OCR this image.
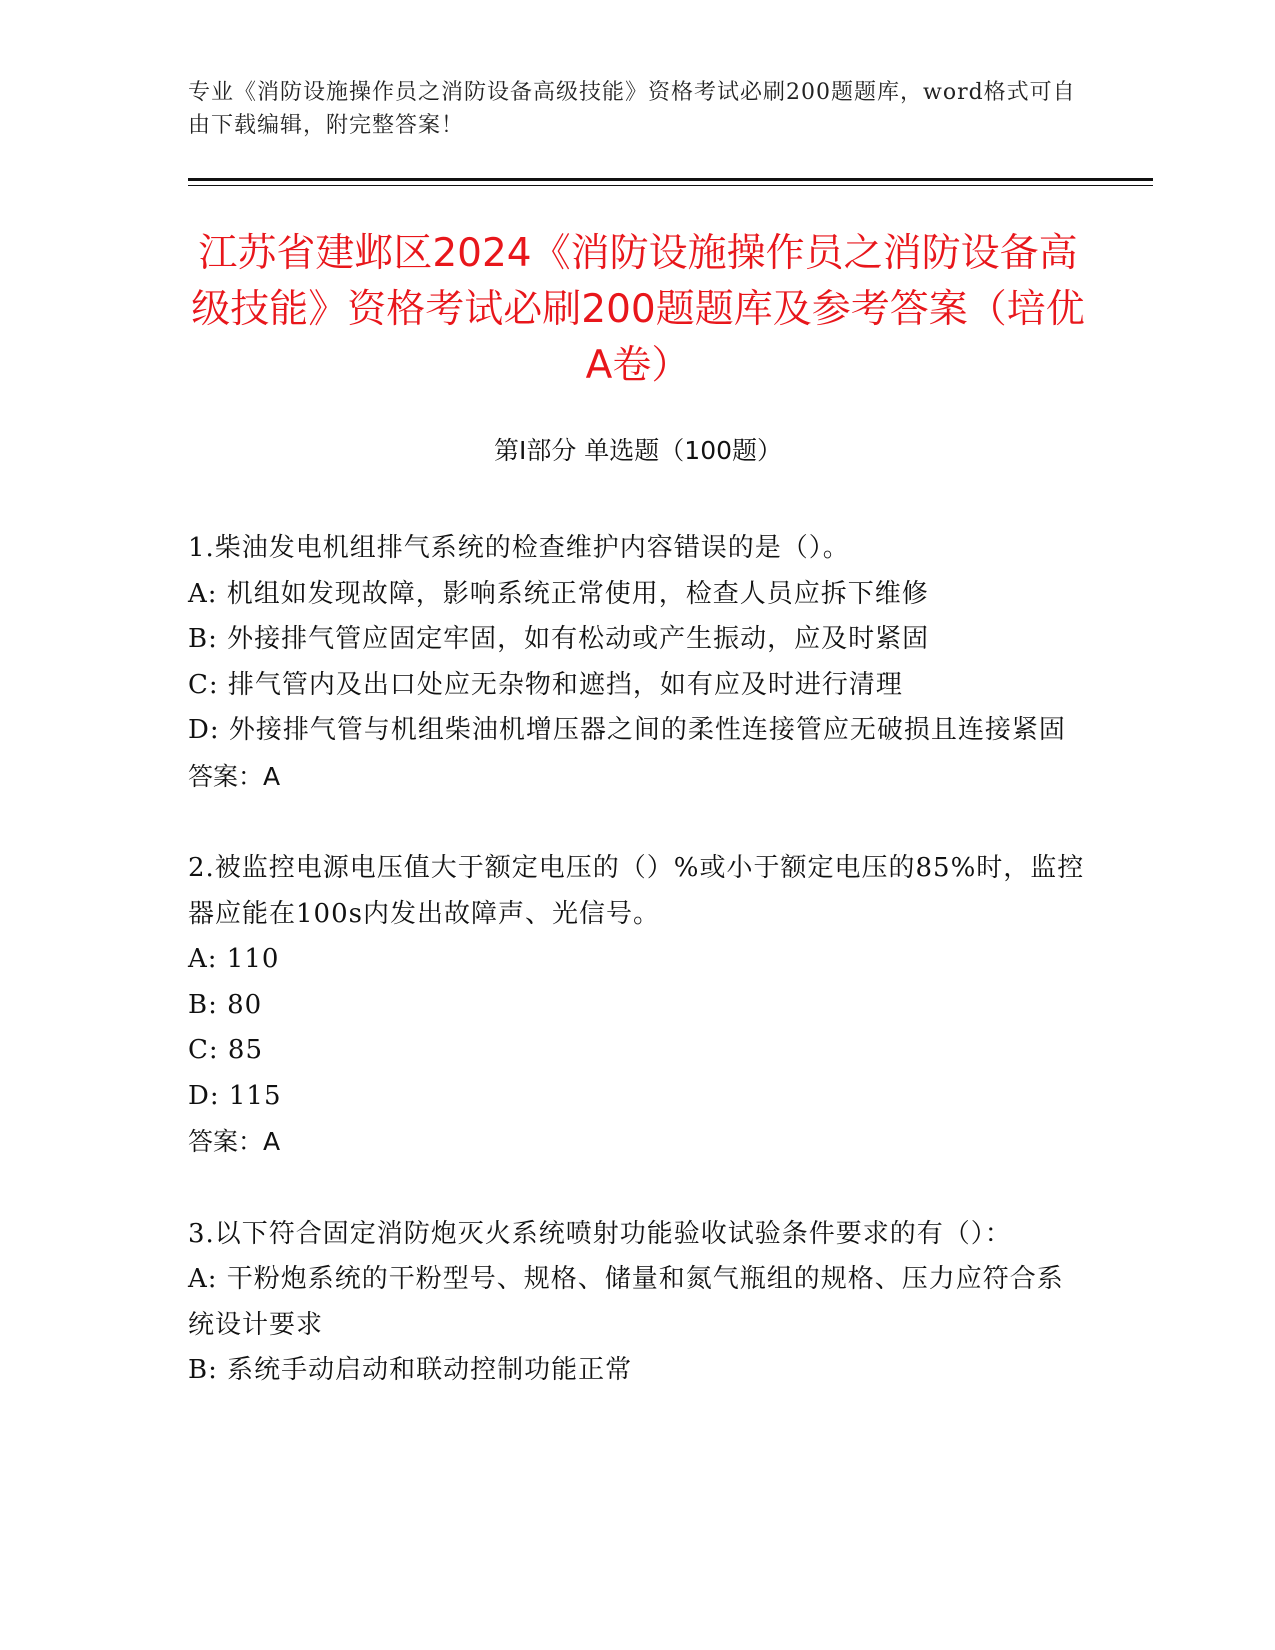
专业《消防设施操作员之消防设备高级技能》资格考试必刷200题题库，word格式可自由下载编辑，附完整答案！
江苏省建邺区2024《消防设施操作员之消防设备高级技能》资格考试必刷200题题库及参考答案（培优A卷）
第I部分 单选题（100题）
1.柴油发电机组排气系统的检查维护内容错误的是（）。
A: 机组如发现故障，影响系统正常使用，检查人员应拆下维修
B: 外接排气管应固定牢固，如有松动或产生振动，应及时紧固
C: 排气管内及出口处应无杂物和遮挡，如有应及时进行清理
D: 外接排气管与机组柴油机增压器之间的柔性连接管应无破损且连接紧固
答案：A
2.被监控电源电压值大于额定电压的（）%或小于额定电压的85%时，监控器应能在100s内发出故障声、光信号。
A: 110
B: 80
C: 85
D: 115
答案：A
3.以下符合固定消防炮灭火系统喷射功能验收试验条件要求的有（）：
A: 干粉炮系统的干粉型号、规格、储量和氮气瓶组的规格、压力应符合系统设计要求
B: 系统手动启动和联动控制功能正常
